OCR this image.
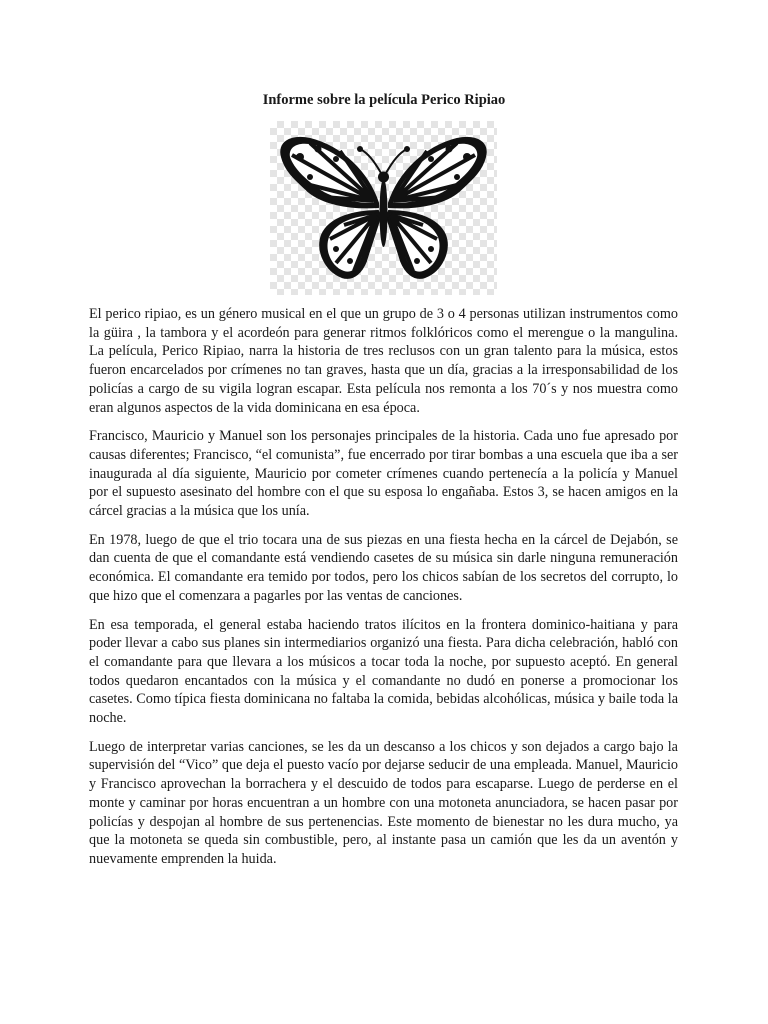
Informe sobre la película Perico Ripiao

El perico ripiao, es un género musical en el que un grupo de 3 o 4 personas utilizan instrumentos como la güira , la tambora y el acordeón para generar ritmos folklóricos como el merengue o la mangulina. La película, Perico Ripiao, narra la historia de tres reclusos con un gran talento para la música, estos fueron encarcelados por crímenes no tan graves, hasta que un día, gracias a la irresponsabilidad de los policías a cargo de su vigila logran escapar. Esta película nos remonta a los 70´s y nos muestra como eran algunos aspectos de la vida dominicana en esa época.

Francisco, Mauricio y Manuel son los personajes principales de la historia. Cada uno fue apresado por causas diferentes; Francisco, “el comunista”, fue encerrado por tirar bombas a una escuela que iba a ser inaugurada al día siguiente, Mauricio por cometer crímenes cuando pertenecía a la policía y Manuel por el supuesto asesinato del hombre con el que su esposa lo engañaba. Estos 3, se hacen amigos en la cárcel gracias a la música que los unía.

En 1978, luego de que el trio tocara una de sus piezas en una fiesta hecha en la cárcel de Dejabón, se dan cuenta de que el comandante está vendiendo casetes de su música sin darle ninguna remuneración económica. El comandante era temido por todos, pero los chicos sabían de los secretos del corrupto, lo que hizo que el comenzara a pagarles por las ventas de canciones.

En esa temporada, el general estaba haciendo tratos ilícitos en la frontera dominico-haitiana y para poder llevar a cabo sus planes sin intermediarios organizó una fiesta. Para dicha celebración, habló con el comandante para que llevara a los músicos a tocar toda la noche, por supuesto aceptó. En general todos quedaron encantados con la música y el comandante no dudó en ponerse a promocionar los casetes. Como típica fiesta dominicana no faltaba la comida, bebidas alcohólicas, música y baile toda la noche.

Luego de interpretar varias canciones, se les da un descanso a los chicos y son dejados a cargo bajo la supervisión del “Vico” que deja el puesto vacío por dejarse seducir de una empleada. Manuel, Mauricio y Francisco aprovechan la borrachera y el descuido de todos para escaparse. Luego de perderse en el monte y caminar por horas encuentran a un hombre con una motoneta anunciadora, se hacen pasar por policías y despojan al hombre de sus pertenencias. Este momento de bienestar no les dura mucho, ya que la motoneta se queda sin combustible, pero, al instante pasa un camión que les da un aventón y nuevamente emprenden la huida.
